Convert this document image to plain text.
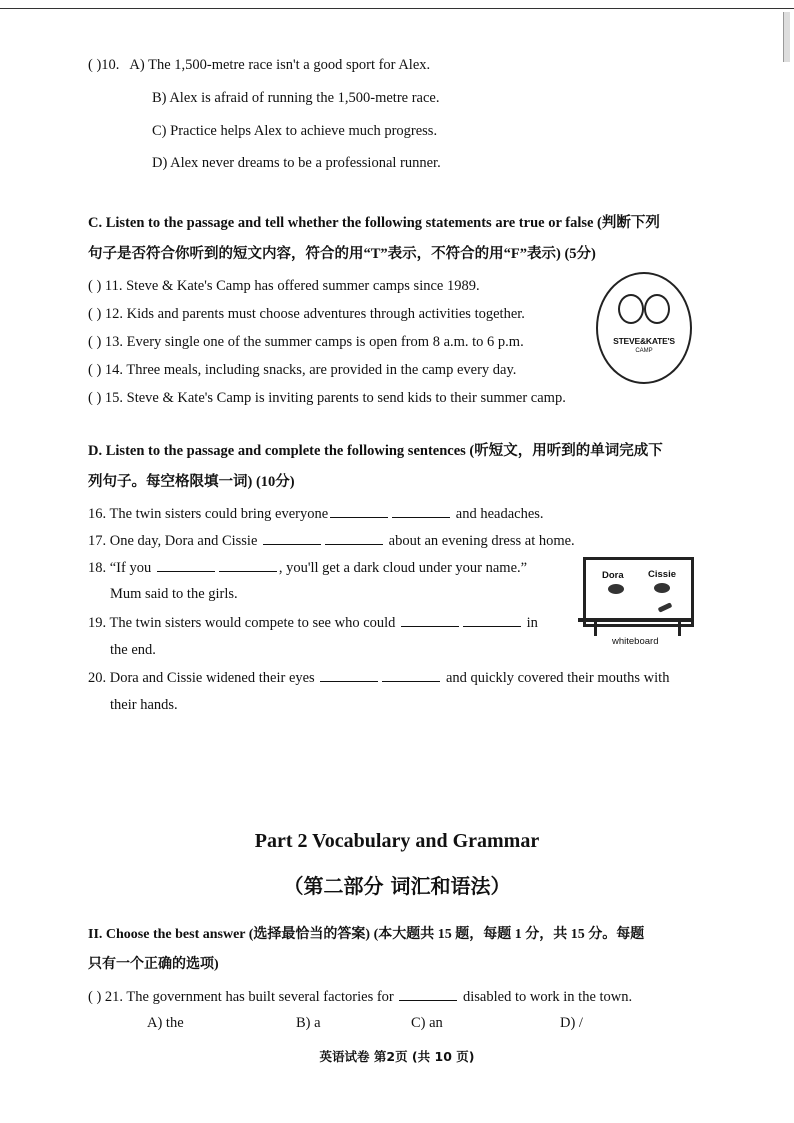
( )10. A) The 1,500-metre race isn't a good sport for Alex.
B) Alex is afraid of running the 1,500-metre race.
C) Practice helps Alex to achieve much progress.
D) Alex never dreams to be a professional runner.
C. Listen to the passage and tell whether the following statements are true or false (判断下列
句子是否符合你听到的短文内容，符合的用“T”表示，不符合的用“F”表示) (5分)
( ) 11. Steve & Kate's Camp has offered summer camps since 1989.
( ) 12. Kids and parents must choose adventures through activities together.
( ) 13. Every single one of the summer camps is open from 8 a.m. to 6 p.m.
( ) 14. Three meals, including snacks, are provided in the camp every day.
( ) 15. Steve & Kate's Camp is inviting parents to send kids to their summer camp.
STEVE&KATE'S
CAMP
D. Listen to the passage and complete the following sentences (听短文，用听到的单词完成下
列句子。每空格限填一词) (10分)
16. The twin sisters could bring everyone	and headaches.
17. One day, Dora and Cissie	about an evening dress at home.
18. “If you	, you'll get a dark cloud under your name.”
Mum said to the girls.
19. The twin sisters would compete to see who could	in
the end.
20. Dora and Cissie widened their eyes	and quickly covered their mouths with
their hands.
Dora	Cissie
whiteboard
Part 2 Vocabulary and Grammar
（第二部分 词汇和语法）
II. Choose the best answer (选择最恰当的答案) (本大题共 15 题，每题 1 分，共 15 分。每题
只有一个正确的选项)
( ) 21. The government has built several factories for	disabled to work in the town.
A) the	B) a	C) an	D) /
英语试卷 第2页 (共 10 页)
